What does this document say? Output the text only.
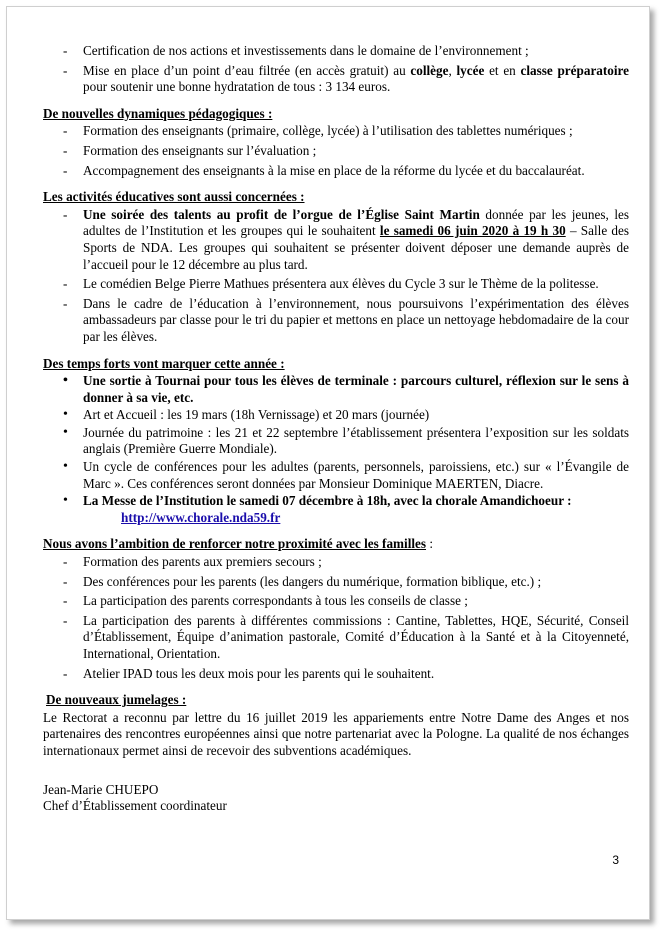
- Certification de nos actions et investissements dans le domaine de l’environnement ;
- Mise en place d’un point d’eau filtrée (en accès gratuit) au collège, lycée et en classe préparatoire pour soutenir une bonne hydratation de tous : 3 134 euros.

De nouvelles dynamiques pédagogiques :

- Formation des enseignants (primaire, collège, lycée) à l’utilisation des tablettes numériques ;
- Formation des enseignants sur l’évaluation ;
- Accompagnement des enseignants à la mise en place de la réforme du lycée et du baccalauréat.

Les activités éducatives sont aussi concernées :

- Une soirée des talents au profit de l’orgue de l’Église Saint Martin donnée par les jeunes, les adultes de l’Institution et les groupes qui le souhaitent le samedi 06 juin 2020 à 19 h 30 – Salle des Sports de NDA. Les groupes qui souhaitent se présenter doivent déposer une demande auprès de l’accueil pour le 12 décembre au plus tard.
- Le comédien Belge Pierre Mathues présentera aux élèves du Cycle 3 sur le Thème de la politesse.
- Dans le cadre de l’éducation à l’environnement, nous poursuivons l’expérimentation des élèves ambassadeurs par classe pour le tri du papier et mettons en place un nettoyage hebdomadaire de la cour par les élèves.

Des temps forts vont marquer cette année :

• Une sortie à Tournai pour tous les élèves de terminale : parcours culturel, réflexion sur le sens à donner à sa vie, etc.
• Art et Accueil : les 19 mars (18h Vernissage) et 20 mars (journée)
• Journée du patrimoine : les 21 et 22 septembre l’établissement présentera l’exposition sur les soldats anglais (Première Guerre Mondiale).
• Un cycle de conférences pour les adultes (parents, personnels, paroissiens, etc.) sur « l’Évangile de Marc ». Ces conférences seront données par Monsieur Dominique MAERTEN, Diacre.
• La Messe de l’Institution le samedi 07 décembre à 18h, avec la chorale Amandichoeur :
http://www.chorale.nda59.fr

Nous avons l’ambition de renforcer notre proximité avec les familles :

- Formation des parents aux premiers secours ;
- Des conférences pour les parents (les dangers du numérique, formation biblique, etc.) ;
- La participation des parents correspondants à tous les conseils de classe ;
- La participation des parents à différentes commissions : Cantine, Tablettes, HQE, Sécurité, Conseil d’Établissement, Équipe d’animation pastorale, Comité d’Éducation à la Santé et à la Citoyenneté, International, Orientation.
- Atelier IPAD tous les deux mois pour les parents qui le souhaitent.

De nouveaux jumelages :

Le Rectorat a reconnu par lettre du 16 juillet 2019 les appariements entre Notre Dame des Anges et nos partenaires des rencontres européennes ainsi que notre partenariat avec la Pologne. La qualité de nos échanges internationaux permet ainsi de recevoir des subventions académiques.

Jean-Marie CHUEPO
Chef d’Établissement coordinateur
3
